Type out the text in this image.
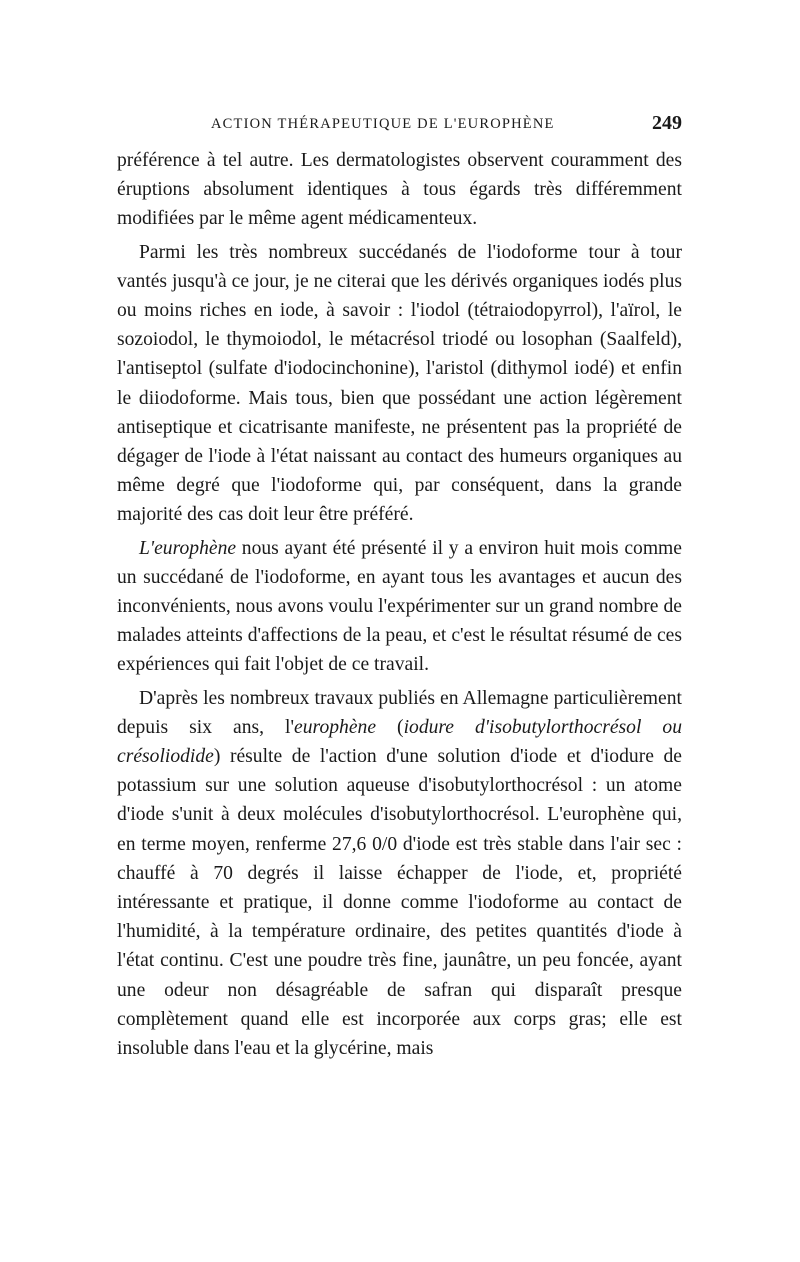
ACTION THÉRAPEUTIQUE DE L'EUROPHÈNE	249

préférence à tel autre. Les dermatologistes observent couramment des éruptions absolument identiques à tous égards très différemment modifiées par le même agent médicamenteux.

Parmi les très nombreux succédanés de l'iodoforme tour à tour vantés jusqu'à ce jour, je ne citerai que les dérivés organiques iodés plus ou moins riches en iode, à savoir : l'iodol (tétraiodopyrrol), l'aïrol, le sozoiodol, le thymoiodol, le métacrésol triodé ou losophan (Saalfeld), l'antiseptol (sulfate d'iodocinchonine), l'aristol (dithymol iodé) et enfin le diiodoforme. Mais tous, bien que possédant une action légèrement antiseptique et cicatrisante manifeste, ne présentent pas la propriété de dégager de l'iode à l'état naissant au contact des humeurs organiques au même degré que l'iodoforme qui, par conséquent, dans la grande majorité des cas doit leur être préféré.

L'europhène nous ayant été présenté il y a environ huit mois comme un succédané de l'iodoforme, en ayant tous les avantages et aucun des inconvénients, nous avons voulu l'expérimenter sur un grand nombre de malades atteints d'affections de la peau, et c'est le résultat résumé de ces expériences qui fait l'objet de ce travail.

D'après les nombreux travaux publiés en Allemagne particulièrement depuis six ans, l'europhène (iodure d'isobutylorthocrésol ou crésoliodide) résulte de l'action d'une solution d'iode et d'iodure de potassium sur une solution aqueuse d'isobutylorthocrésol : un atome d'iode s'unit à deux molécules d'isobutylorthocrésol. L'europhène qui, en terme moyen, renferme 27,6 0/0 d'iode est très stable dans l'air sec : chauffé à 70 degrés il laisse échapper de l'iode, et, propriété intéressante et pratique, il donne comme l'iodoforme au contact de l'humidité, à la température ordinaire, des petites quantités d'iode à l'état continu. C'est une poudre très fine, jaunâtre, un peu foncée, ayant une odeur non désagréable de safran qui disparaît presque complètement quand elle est incorporée aux corps gras; elle est insoluble dans l'eau et la glycérine, mais
